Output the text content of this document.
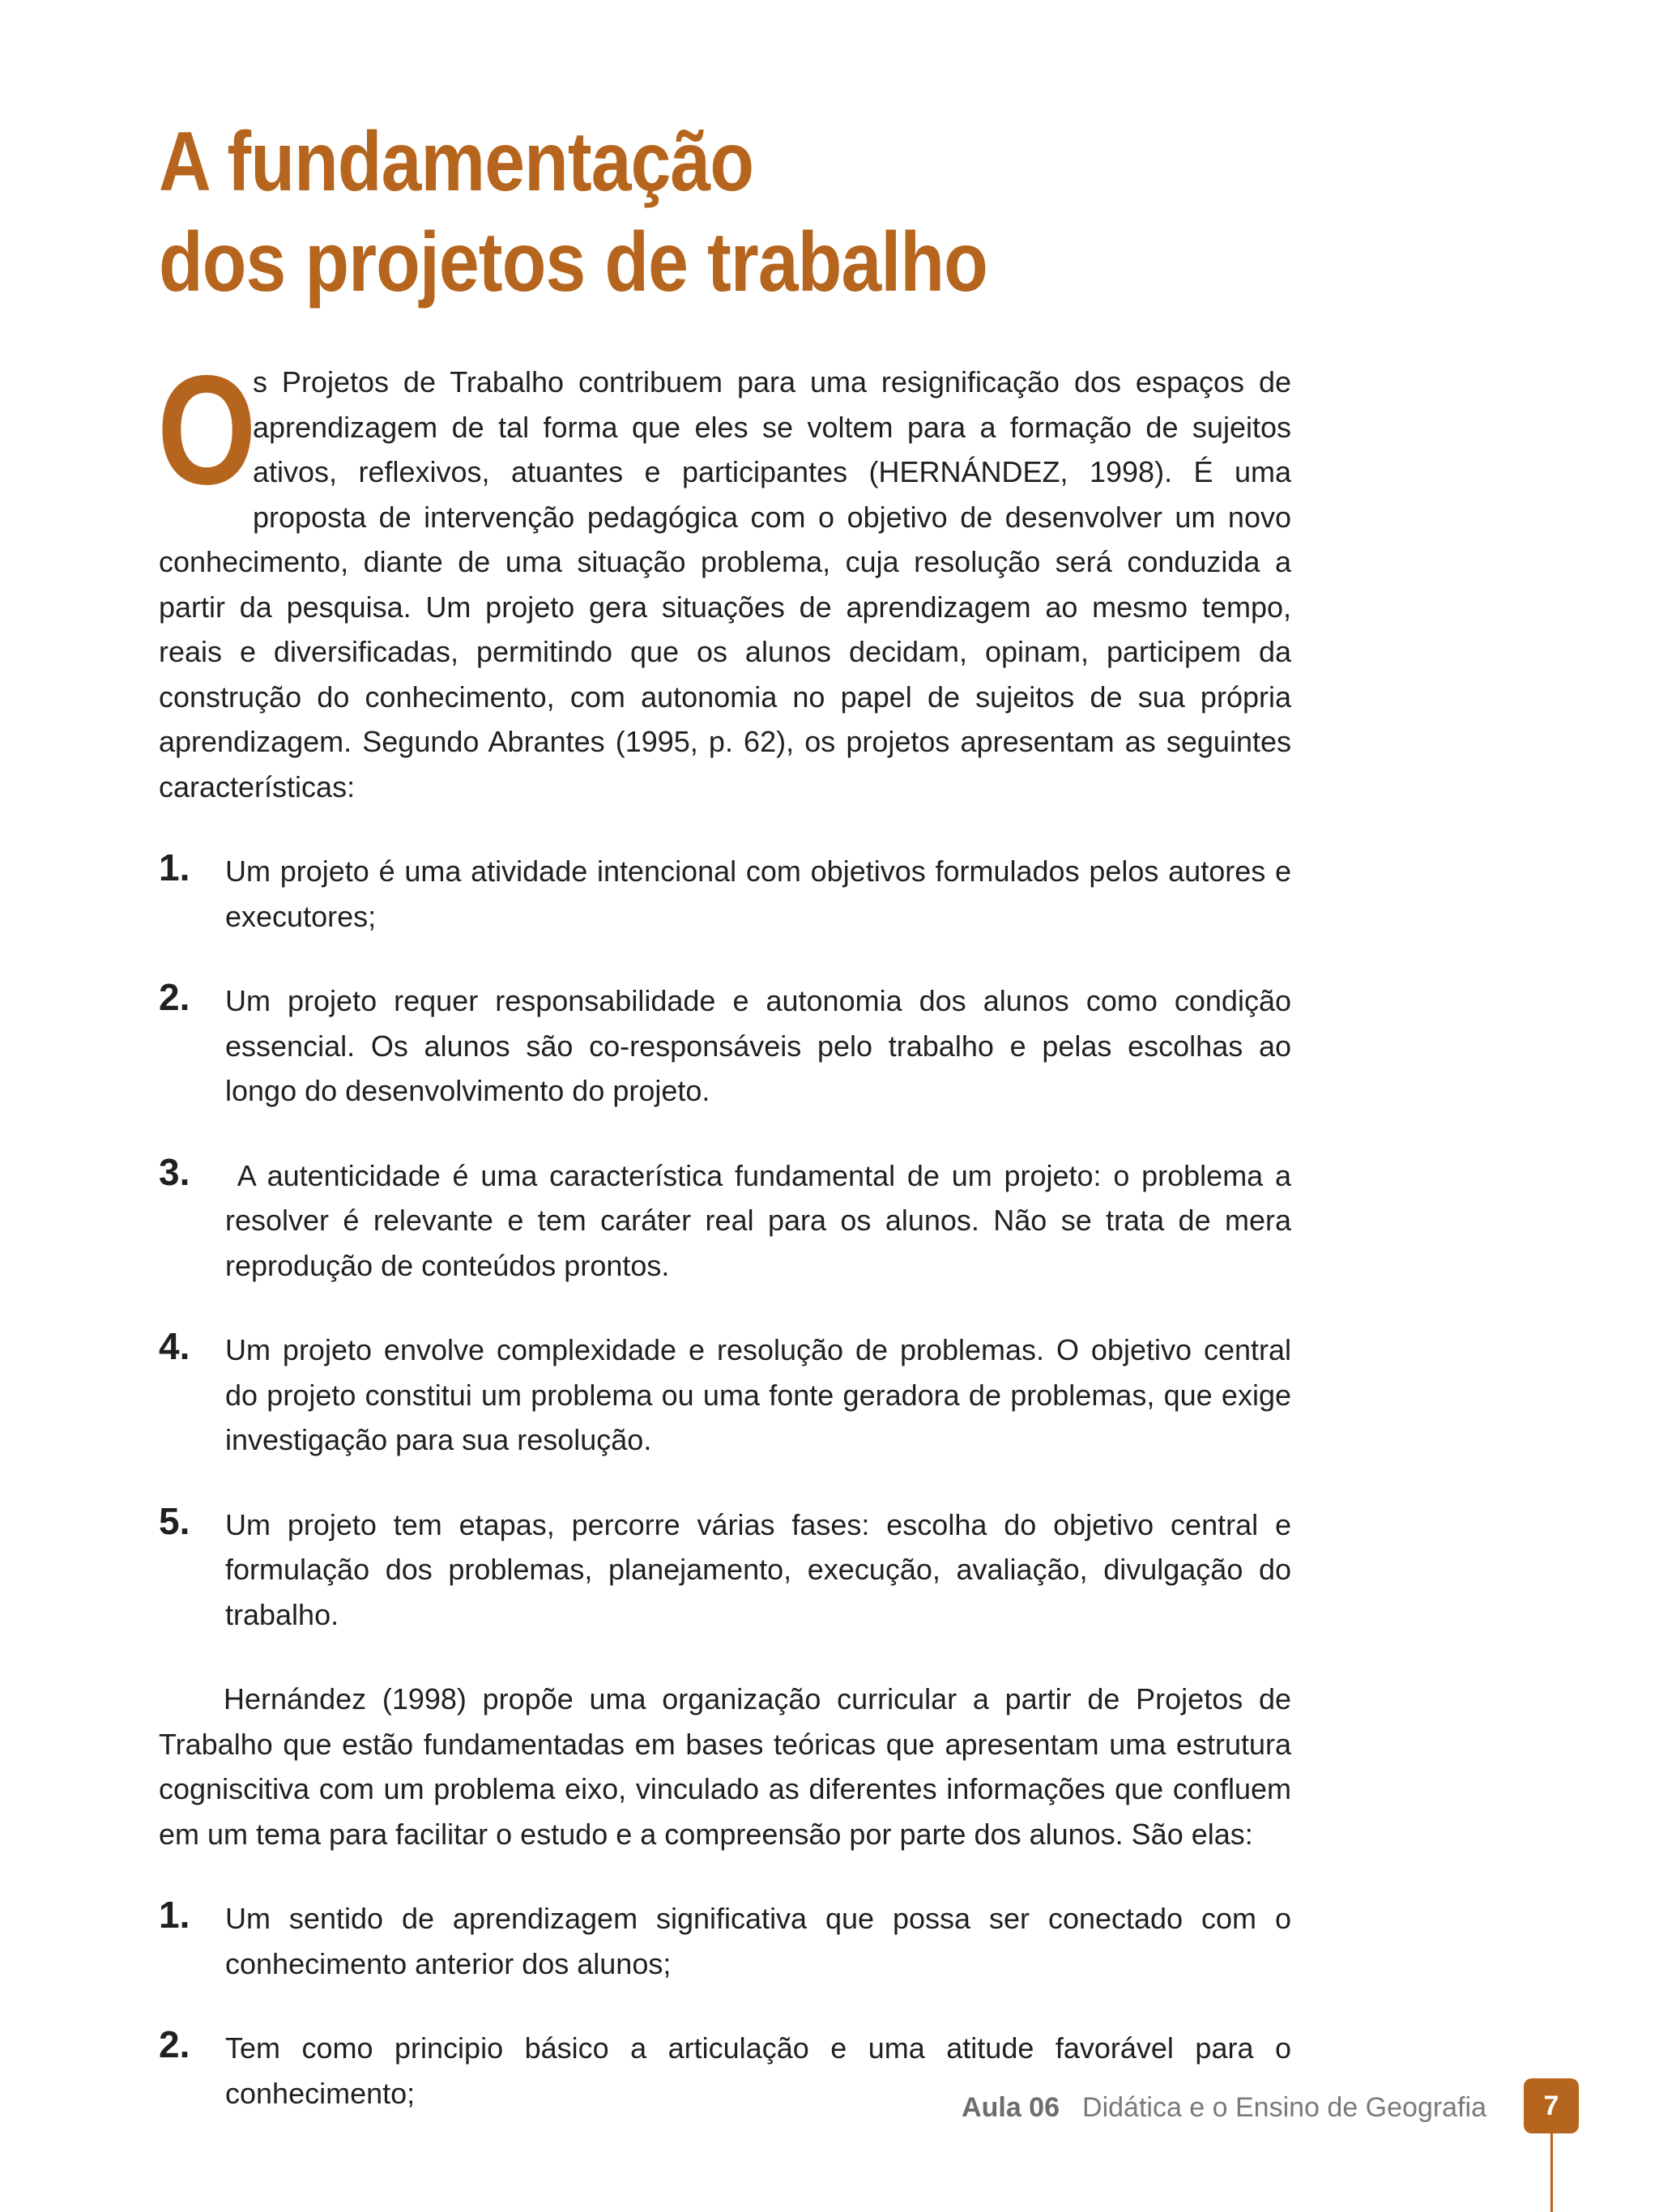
A fundamentação
dos projetos de trabalho

O
s Projetos de Trabalho contribuem para uma resignificação dos espaços de aprendizagem de tal forma que eles se voltem para a formação de sujeitos ativos, reflexivos, atuantes e participantes (HERNÁNDEZ, 1998). É uma proposta de intervenção pedagógica com o objetivo de desenvolver um novo conhecimento, diante de uma situação problema, cuja resolução será conduzida a partir da pesquisa. Um projeto gera situações de aprendizagem ao mesmo tempo, reais e diversificadas, permitindo que os alunos decidam, opinam, participem da construção do conhecimento, com autonomia no papel de sujeitos de sua própria aprendizagem. Segundo Abrantes (1995, p. 62), os projetos apresentam as seguintes características:

1. Um projeto é uma atividade intencional com objetivos formulados pelos autores e executores;
2. Um projeto requer responsabilidade e autonomia dos alunos como condição essencial. Os alunos são co-responsáveis pelo trabalho e pelas escolhas ao longo do desenvolvimento do projeto.
3. A autenticidade é uma característica fundamental de um projeto: o problema a resolver é relevante e tem caráter real para os alunos. Não se trata de mera reprodução de conteúdos prontos.
4. Um projeto envolve complexidade e resolução de problemas. O objetivo central do projeto constitui um problema ou uma fonte geradora de problemas, que exige investigação para sua resolução.
5. Um projeto tem etapas, percorre várias fases: escolha do objetivo central e formulação dos problemas, planejamento, execução, avaliação, divulgação do trabalho.

Hernández (1998) propõe uma organização curricular a partir de Projetos de Trabalho que estão fundamentadas em bases teóricas que apresentam uma estrutura cogniscitiva com um problema eixo, vinculado as diferentes informações que confluem em um tema para facilitar o estudo e a compreensão por parte dos alunos. São elas:

1. Um sentido de aprendizagem significativa que possa ser conectado com o conhecimento anterior dos alunos;
2. Tem como principio básico a articulação e uma atitude favorável para o conhecimento;	Aula 06 Didática e o Ensino de Geografia	7
